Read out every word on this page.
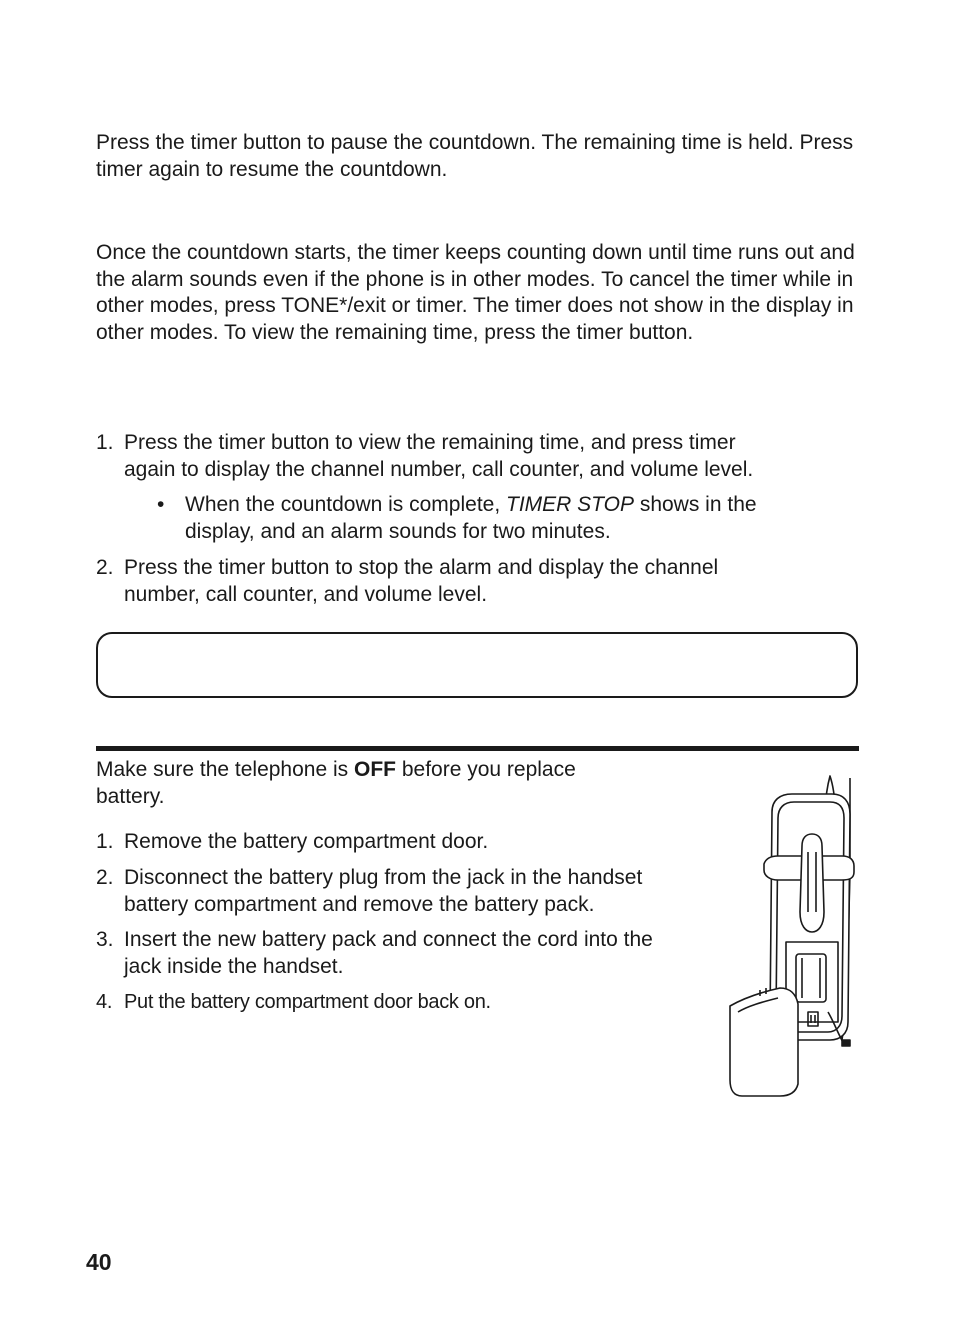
Press the timer button to pause the countdown. The remaining time is held. Press timer again to resume the countdown.

Once the countdown starts, the timer keeps counting down until time runs out and the alarm sounds even if the phone is in other modes. To cancel the timer while in other modes, press TONE*/exit or timer. The timer does not show in the display in other modes. To view the remaining time, press the timer button.

1. Press the timer button to view the remaining time, and press timer
again to display the channel number, call counter, and volume level.
• When the countdown is complete, TIMER STOP shows in the
display, and an alarm sounds for two minutes.
2. Press the timer button to stop the alarm and display the channel
number, call counter, and volume level.
Make sure the telephone is OFF before you replace
battery.
1. Remove the battery compartment door.
2. Disconnect the battery plug from the jack in the handset
battery compartment and remove the battery pack.
3. Insert the new battery pack and connect the cord into the
jack inside the handset.
4. Put the battery compartment door back on.
40
